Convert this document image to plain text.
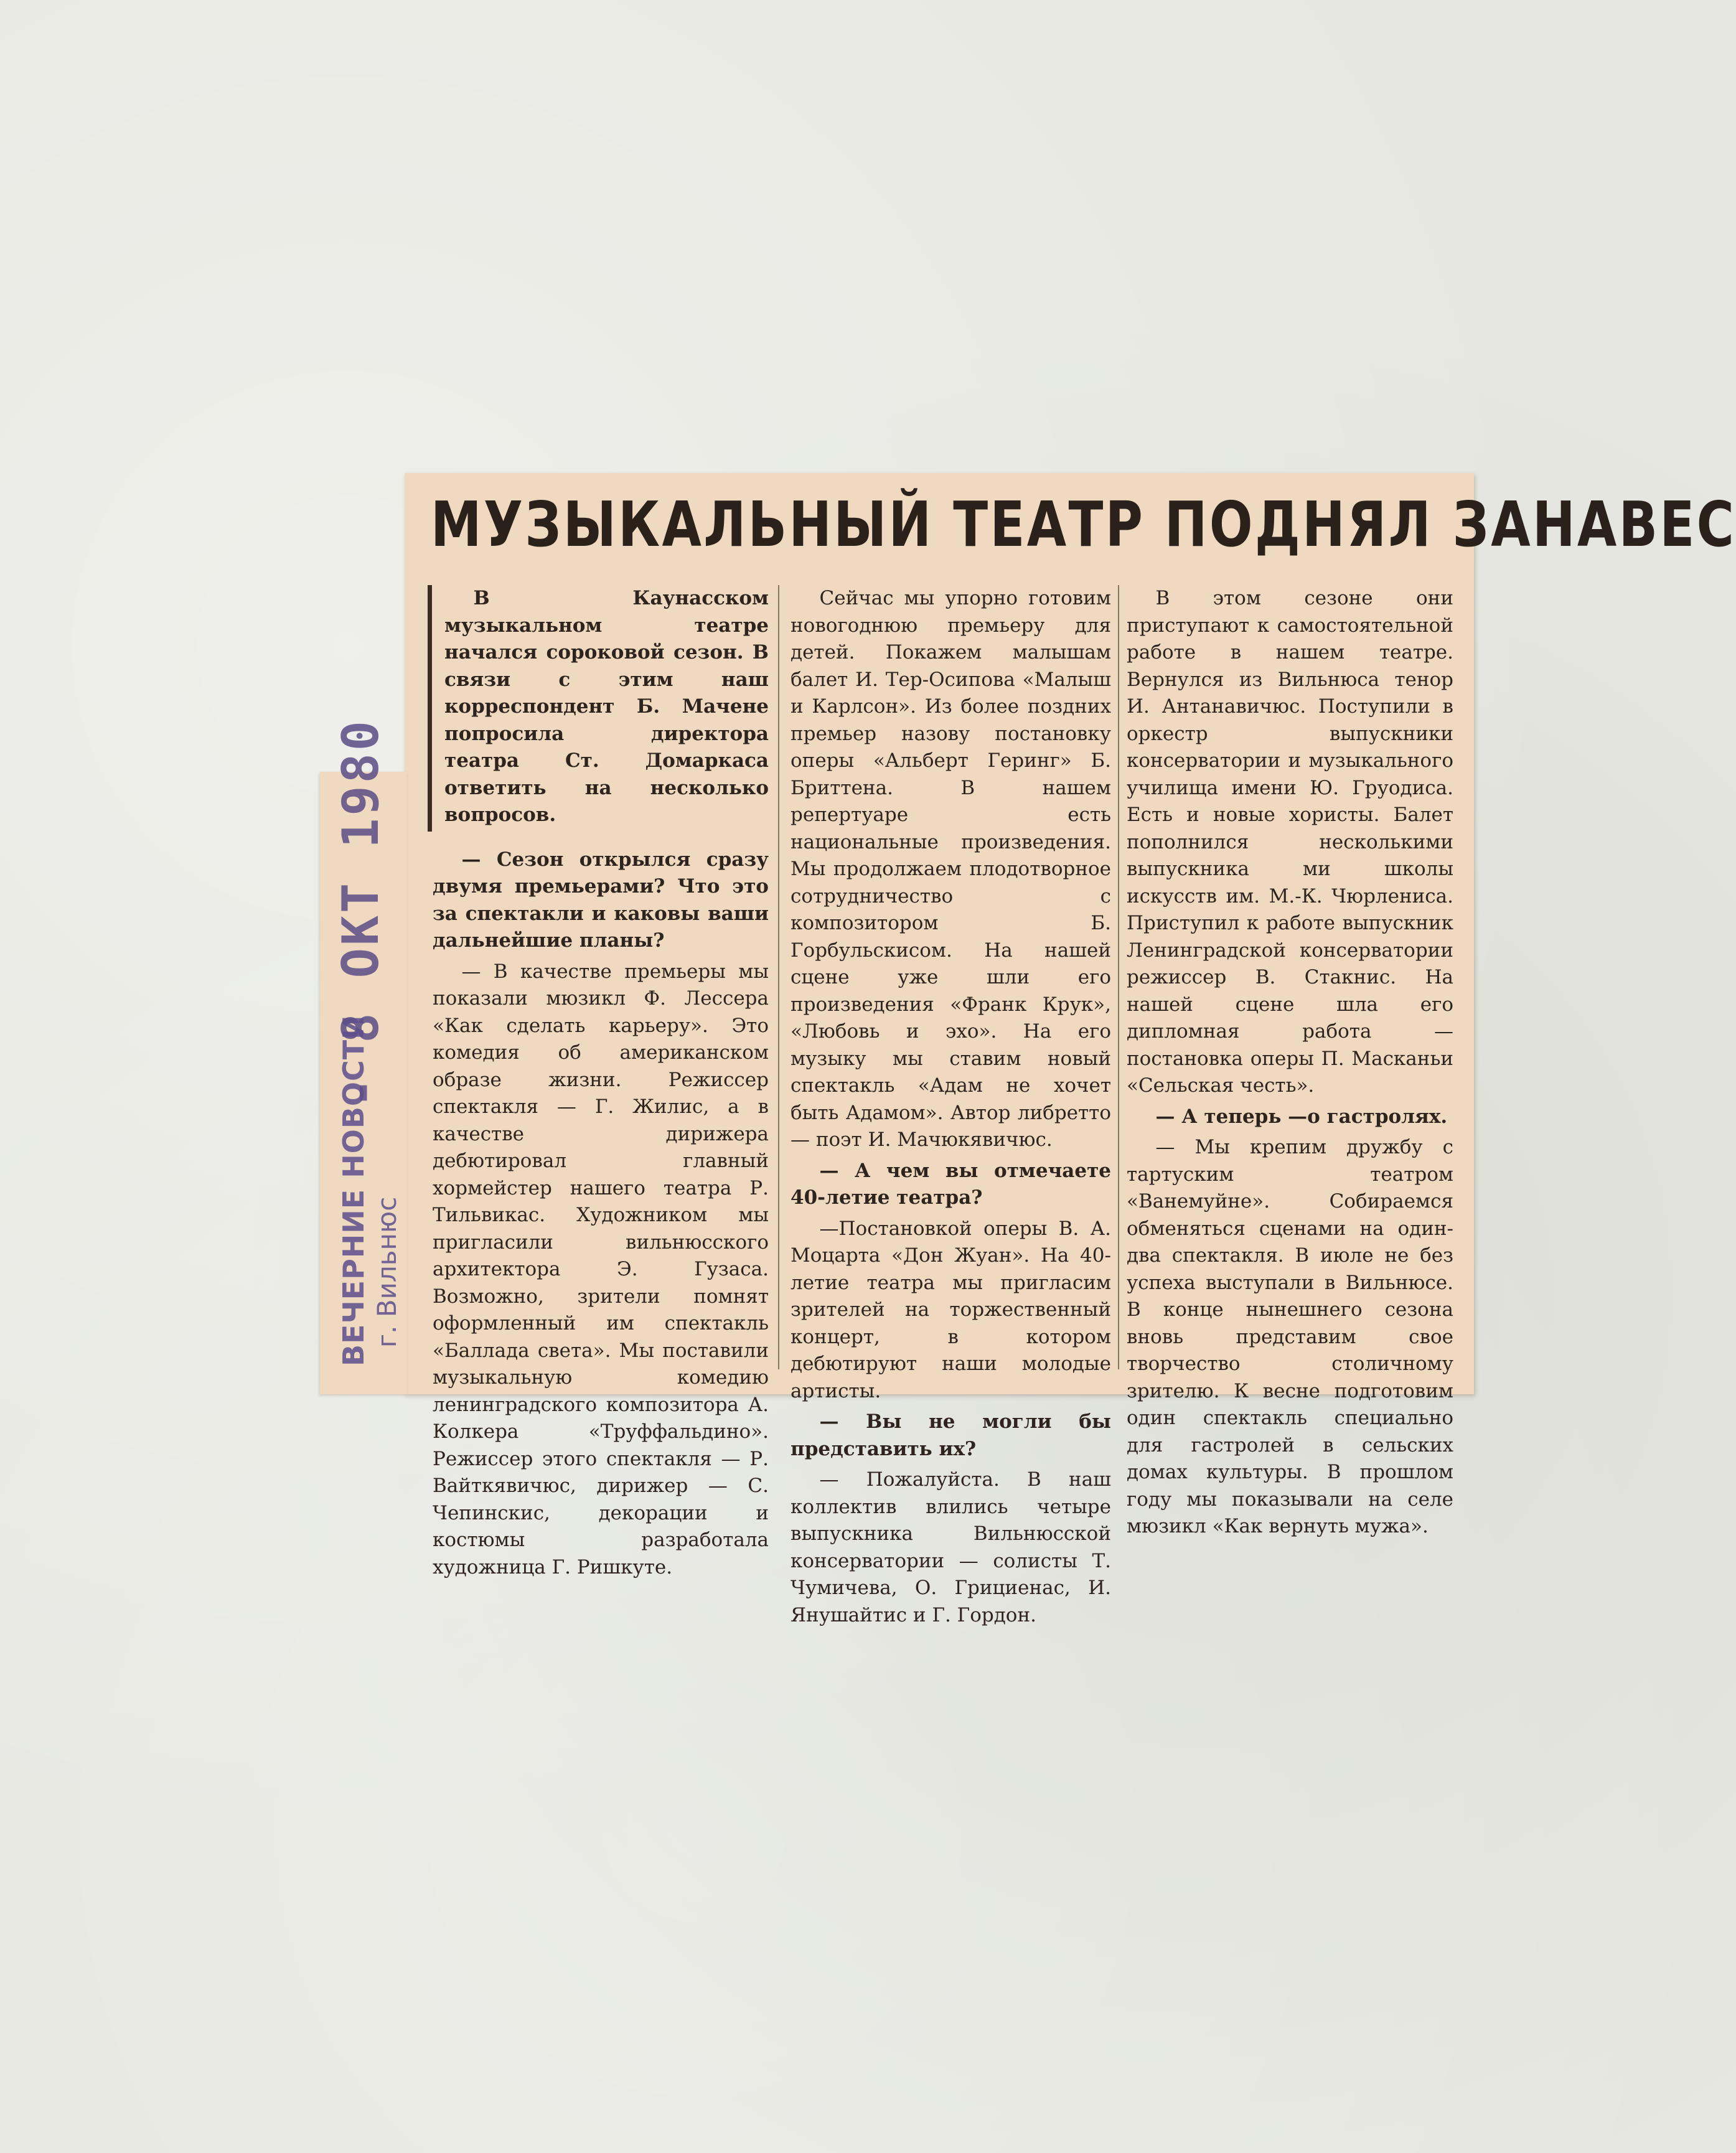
МУЗЫКАЛЬНЫЙ ТЕАТР ПОДНЯЛ ЗАНАВЕС

В Каунасском музыкальном театре начался сороковой сезон. В связи с этим наш корреспондент Б. Мачене попросила директора театра Ст. Домаркаса ответить на несколько вопросов.

— Сезон открылся сразу двумя премьерами? Что это за спектакли и каковы ваши дальнейшие планы?

— В качестве премьеры мы показали мюзикл Ф. Лессера «Как сделать карьеру». Это комедия об американском образе жизни. Режиссер спектакля — Г. Жилис, а в качестве дирижера дебютировал главный хормейстер нашего театра Р. Тильвикас. Художником мы пригласили вильнюсского архитектора Э. Гузаса. Возможно, зрители помнят оформленный им спектакль «Баллада света». Мы поставили музыкальную комедию ленинградского композитора А. Колкера «Труффальдино». Режиссер этого спектакля — Р. Вайткявичюс, дирижер — С. Чепинскис, декорации и костюмы разработала художница Г. Ришкуте.

Сейчас мы упорно готовим новогоднюю премьеру для детей. Покажем малышам балет И. Тер-Осипова «Малыш и Карлсон». Из более поздних премьер назову постановку оперы «Альберт Геринг» Б. Бриттена. В нашем репертуаре есть национальные произведения. Мы продолжаем плодотворное сотрудничество с композитором Б. Горбульскисом. На нашей сцене уже шли его произведения «Франк Крук», «Любовь и эхо». На его музыку мы ставим новый спектакль «Адам не хочет быть Адамом». Автор либретто — поэт И. Мачюкявичюс.

— А чем вы отмечаете 40-летие театра?

—Постановкой оперы В. А. Моцарта «Дон Жуан». На 40-летие театра мы пригласим зрителей на торжественный концерт, в котором дебютируют наши молодые артисты.

— Вы не могли бы представить их?

— Пожалуйста. В наш коллектив влились четыре выпускника Вильнюсской консерватории — солисты Т. Чумичева, О. Грициенас, И. Янушайтис и Г. Гордон.

В этом сезоне они приступают к самостоятельной работе в нашем театре. Вернулся из Вильнюса тенор И. Антанавичюс. Поступили в оркестр выпускники консерватории и музыкального училища имени Ю. Груодиса. Есть и новые хористы. Балет пополнился несколькими выпускника ми школы искусств им. М.-К. Чюрлениса. Приступил к работе выпускник Ленинградской консерватории режиссер В. Стакнис. На нашей сцене шла его дипломная работа — постановка оперы П. Масканьи «Сельская честь».

— А теперь —о гастролях.

— Мы крепим дружбу с тартуским театром «Ванемуйне». Собираемся обменяться сценами на один-два спектакля. В июле не без успеха выступали в Вильнюсе. В конце нынешнего сезона вновь представим свое творчество столичному зрителю. К весне подготовим один спектакль специально для гастролей в сельских домах культуры. В прошлом году мы показывали на селе мюзикл «Как вернуть мужа».

- 8 ОКТ 1980
ВЕЧЕРНИЕ НОВОСТИ г. Вильнюс
